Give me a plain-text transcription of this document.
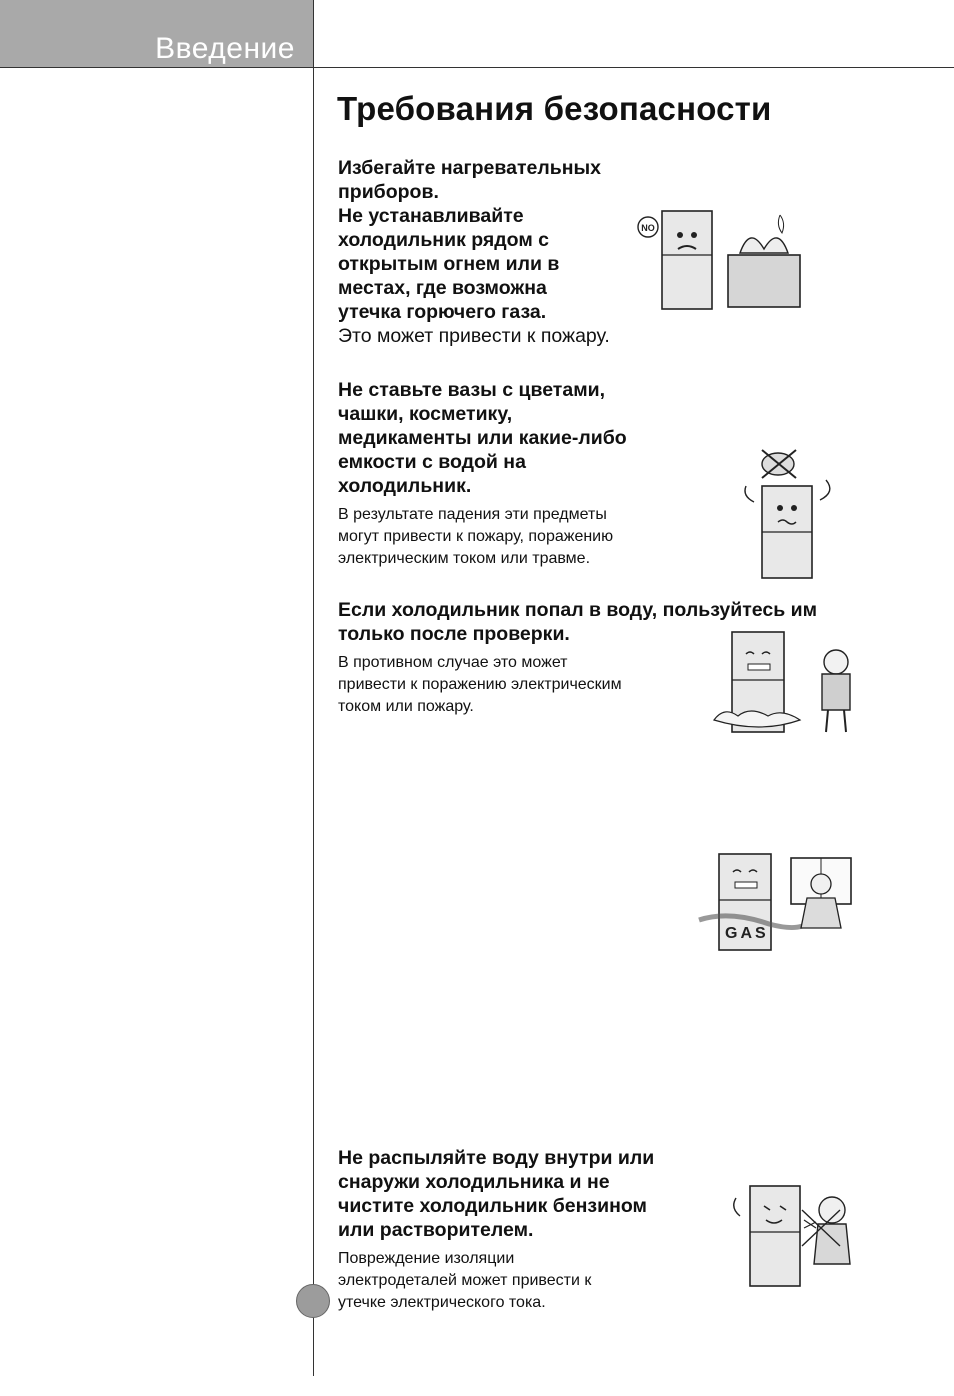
Введение
Требования безопасности

Избегайте нагревательных
приборов.
Не устанавливайте
холодильник рядом с
открытым огнем или в
местах, где возможна
утечка горючего газа.

Это может привести к пожару.

NO

Не ставьте вазы с цветами,
чашки, косметику,
медикаменты или какие-либо
емкости с водой на
холодильник.

В результате падения эти предметы
могут привести к пожару, поражению
электрическим током или травме.

Если холодильник попал в воду, пользуйтесь им
только после проверки.

В противном случае это может
привести к поражению электрическим
током или пожару.

GAS

Не распыляйте воду внутри или
снаружи холодильника и не
чистите холодильник бензином
или растворителем.

Повреждение изоляции
электродеталей может привести к
утечке электрического тока.
